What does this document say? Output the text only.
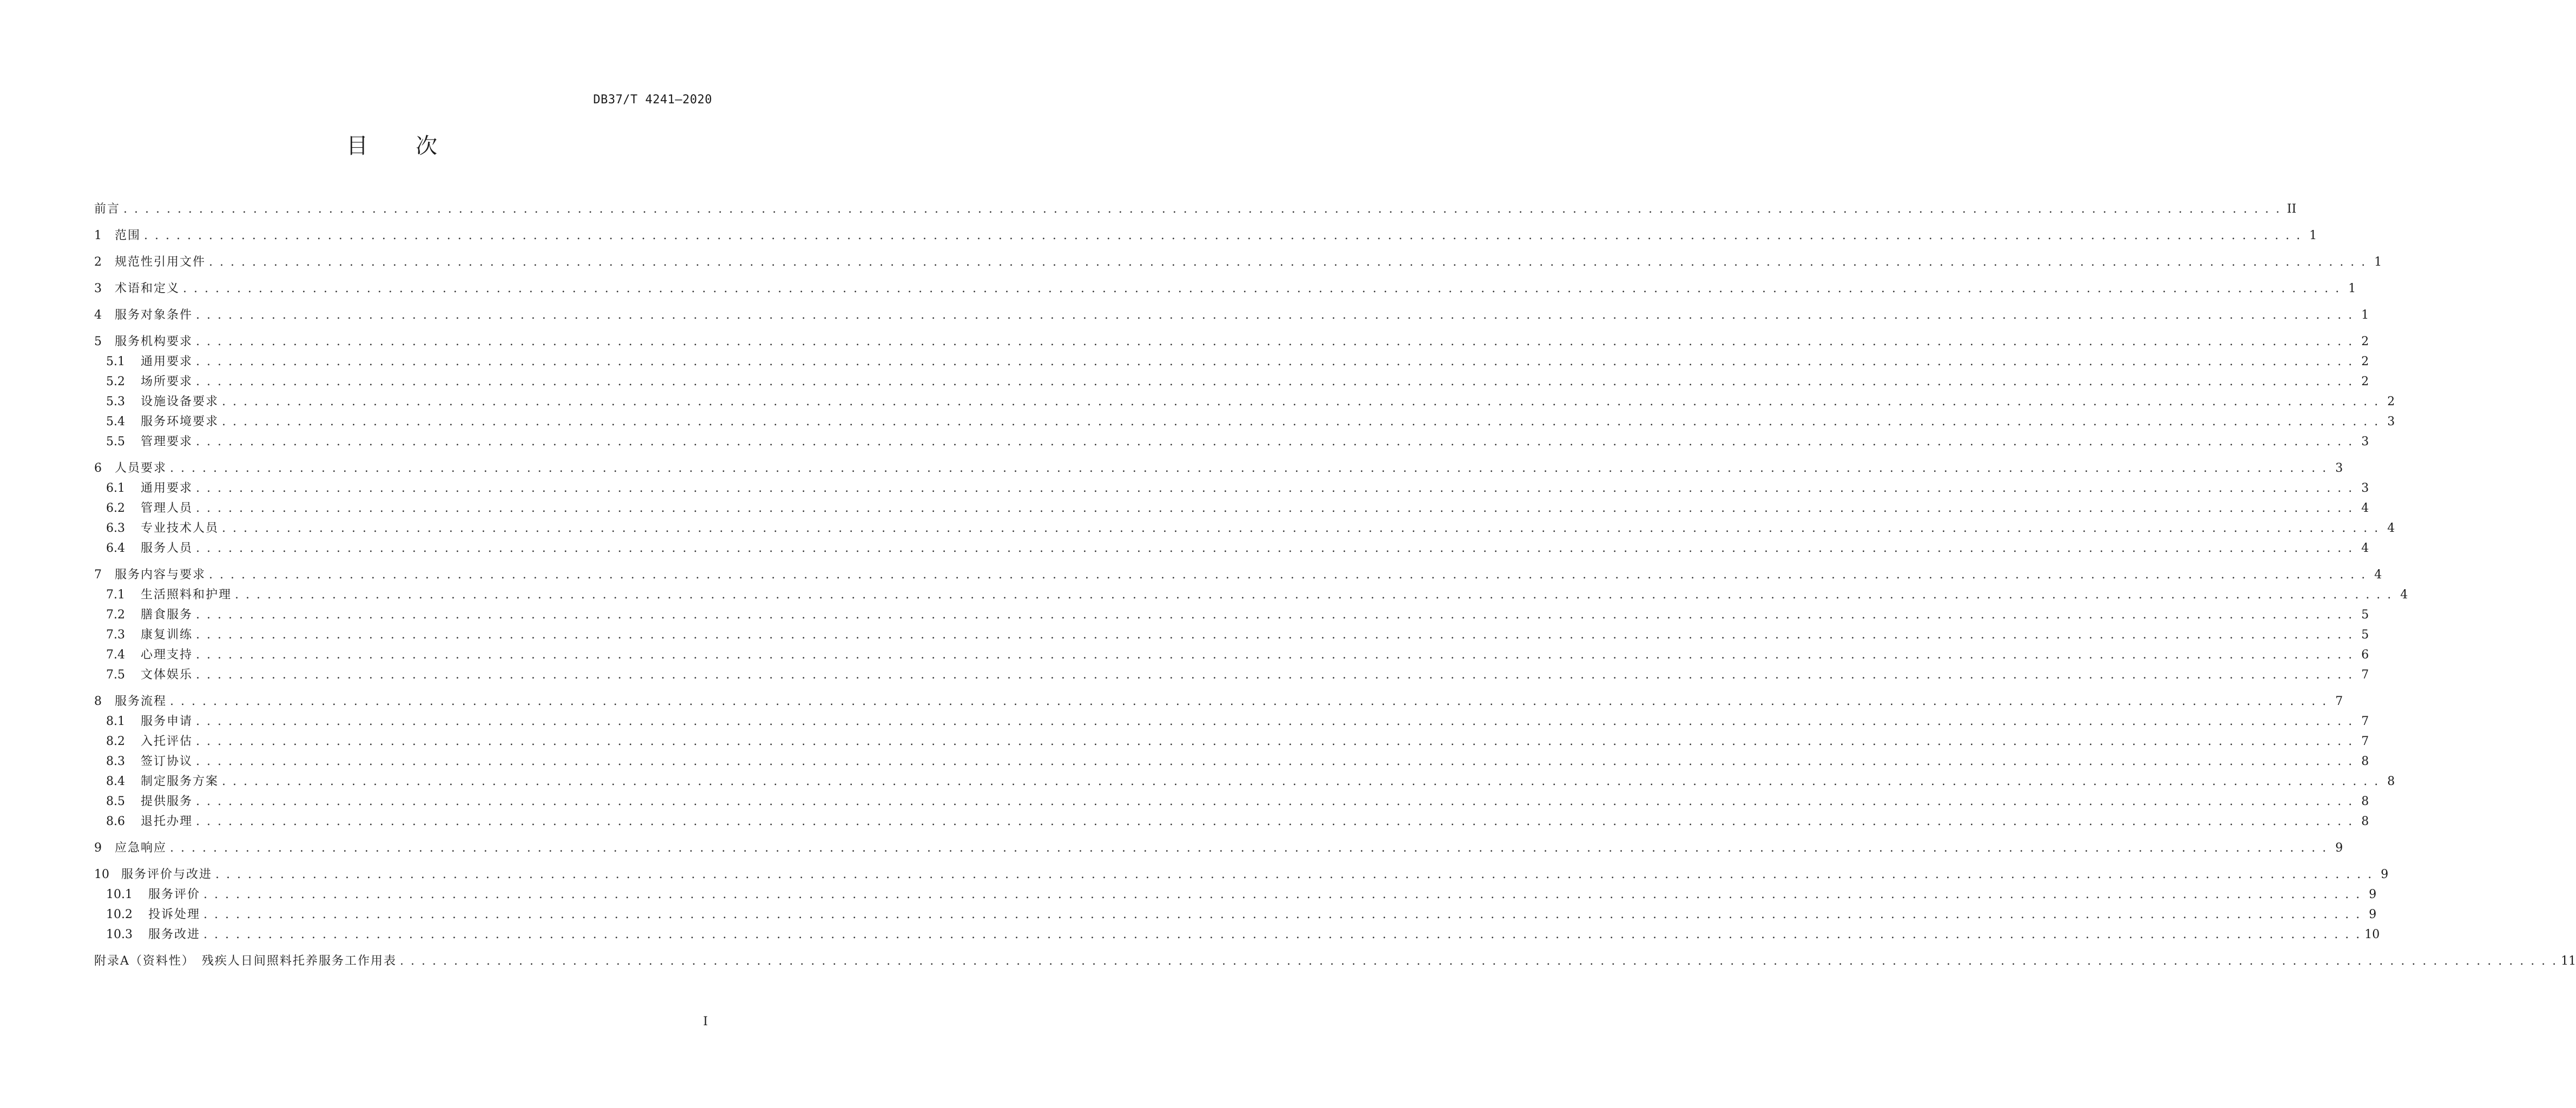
DB37/T 4241—2020
目 次
前言 . . . . . . . . . . . . . . . . . . . . . . . . . . . . . . . . . . . . . . . . . . . . . . . . . . . . . . . . . . . . . . . . . . . . . . . . . . . . . . . . . . . . . . . . . . . . . . . . . . . . . . . . . . . . . . . . . . . . . . . . . . . . . . . . . . . . . . . . . . . . . . . . . . . . . . . . . . . . . . . . . . . . . . . . . . . . . . . . . . . . . . . . . . . . . . . . . . . . . . . . II
1	范围 . . . . . . . . . . . . . . . . . . . . . . . . . . . . . . . . . . . . . . . . . . . . . . . . . . . . . . . . . . . . . . . . . . . . . . . . . . . . . . . . . . . . . . . . . . . . . . . . . . . . . . . . . . . . . . . . . . . . . . . . . . . . . . . . . . . . . . . . . . . . . . . . . . . . . . . . . . . . . . . . . . . . . . . . . . . . . . . . . . . . . . . . . . . . . . . . . . . . . . . . 1
2	规范性引用文件 . . . . . . . . . . . . . . . . . . . . . . . . . . . . . . . . . . . . . . . . . . . . . . . . . . . . . . . . . . . . . . . . . . . . . . . . . . . . . . . . . . . . . . . . . . . . . . . . . . . . . . . . . . . . . . . . . . . . . . . . . . . . . . . . . . . . . . . . . . . . . . . . . . . . . . . . . . . . . . . . . . . . . . . . . . . . . . . . . . . . . . . . . . . . . . . . . . . . . . . . 1
3	术语和定义 . . . . . . . . . . . . . . . . . . . . . . . . . . . . . . . . . . . . . . . . . . . . . . . . . . . . . . . . . . . . . . . . . . . . . . . . . . . . . . . . . . . . . . . . . . . . . . . . . . . . . . . . . . . . . . . . . . . . . . . . . . . . . . . . . . . . . . . . . . . . . . . . . . . . . . . . . . . . . . . . . . . . . . . . . . . . . . . . . . . . . . . . . . . . . . . . . . . . . . . . 1
4	服务对象条件 . . . . . . . . . . . . . . . . . . . . . . . . . . . . . . . . . . . . . . . . . . . . . . . . . . . . . . . . . . . . . . . . . . . . . . . . . . . . . . . . . . . . . . . . . . . . . . . . . . . . . . . . . . . . . . . . . . . . . . . . . . . . . . . . . . . . . . . . . . . . . . . . . . . . . . . . . . . . . . . . . . . . . . . . . . . . . . . . . . . . . . . . . . . . . . . . . . . . . . . . 1
5	服务机构要求 . . . . . . . . . . . . . . . . . . . . . . . . . . . . . . . . . . . . . . . . . . . . . . . . . . . . . . . . . . . . . . . . . . . . . . . . . . . . . . . . . . . . . . . . . . . . . . . . . . . . . . . . . . . . . . . . . . . . . . . . . . . . . . . . . . . . . . . . . . . . . . . . . . . . . . . . . . . . . . . . . . . . . . . . . . . . . . . . . . . . . . . . . . . . . . . . . . . . . . . . 2
5.1	通用要求 . . . . . . . . . . . . . . . . . . . . . . . . . . . . . . . . . . . . . . . . . . . . . . . . . . . . . . . . . . . . . . . . . . . . . . . . . . . . . . . . . . . . . . . . . . . . . . . . . . . . . . . . . . . . . . . . . . . . . . . . . . . . . . . . . . . . . . . . . . . . . . . . . . . . . . . . . . . . . . . . . . . . . . . . . . . . . . . . . . . . . . . . . . . . . . . . . . . . . . . . 2
5.2	场所要求 . . . . . . . . . . . . . . . . . . . . . . . . . . . . . . . . . . . . . . . . . . . . . . . . . . . . . . . . . . . . . . . . . . . . . . . . . . . . . . . . . . . . . . . . . . . . . . . . . . . . . . . . . . . . . . . . . . . . . . . . . . . . . . . . . . . . . . . . . . . . . . . . . . . . . . . . . . . . . . . . . . . . . . . . . . . . . . . . . . . . . . . . . . . . . . . . . . . . . . . . 2
5.3	设施设备要求 . . . . . . . . . . . . . . . . . . . . . . . . . . . . . . . . . . . . . . . . . . . . . . . . . . . . . . . . . . . . . . . . . . . . . . . . . . . . . . . . . . . . . . . . . . . . . . . . . . . . . . . . . . . . . . . . . . . . . . . . . . . . . . . . . . . . . . . . . . . . . . . . . . . . . . . . . . . . . . . . . . . . . . . . . . . . . . . . . . . . . . . . . . . . . . . . . . . . . . . . 2
5.4	服务环境要求 . . . . . . . . . . . . . . . . . . . . . . . . . . . . . . . . . . . . . . . . . . . . . . . . . . . . . . . . . . . . . . . . . . . . . . . . . . . . . . . . . . . . . . . . . . . . . . . . . . . . . . . . . . . . . . . . . . . . . . . . . . . . . . . . . . . . . . . . . . . . . . . . . . . . . . . . . . . . . . . . . . . . . . . . . . . . . . . . . . . . . . . . . . . . . . . . . . . . . . . . 3
5.5	管理要求 . . . . . . . . . . . . . . . . . . . . . . . . . . . . . . . . . . . . . . . . . . . . . . . . . . . . . . . . . . . . . . . . . . . . . . . . . . . . . . . . . . . . . . . . . . . . . . . . . . . . . . . . . . . . . . . . . . . . . . . . . . . . . . . . . . . . . . . . . . . . . . . . . . . . . . . . . . . . . . . . . . . . . . . . . . . . . . . . . . . . . . . . . . . . . . . . . . . . . . . . 3
6	人员要求 . . . . . . . . . . . . . . . . . . . . . . . . . . . . . . . . . . . . . . . . . . . . . . . . . . . . . . . . . . . . . . . . . . . . . . . . . . . . . . . . . . . . . . . . . . . . . . . . . . . . . . . . . . . . . . . . . . . . . . . . . . . . . . . . . . . . . . . . . . . . . . . . . . . . . . . . . . . . . . . . . . . . . . . . . . . . . . . . . . . . . . . . . . . . . . . . . . . . . . . . 3
6.1	通用要求 . . . . . . . . . . . . . . . . . . . . . . . . . . . . . . . . . . . . . . . . . . . . . . . . . . . . . . . . . . . . . . . . . . . . . . . . . . . . . . . . . . . . . . . . . . . . . . . . . . . . . . . . . . . . . . . . . . . . . . . . . . . . . . . . . . . . . . . . . . . . . . . . . . . . . . . . . . . . . . . . . . . . . . . . . . . . . . . . . . . . . . . . . . . . . . . . . . . . . . . . 3
6.2	管理人员 . . . . . . . . . . . . . . . . . . . . . . . . . . . . . . . . . . . . . . . . . . . . . . . . . . . . . . . . . . . . . . . . . . . . . . . . . . . . . . . . . . . . . . . . . . . . . . . . . . . . . . . . . . . . . . . . . . . . . . . . . . . . . . . . . . . . . . . . . . . . . . . . . . . . . . . . . . . . . . . . . . . . . . . . . . . . . . . . . . . . . . . . . . . . . . . . . . . . . . . . 4
6.3	专业技术人员 . . . . . . . . . . . . . . . . . . . . . . . . . . . . . . . . . . . . . . . . . . . . . . . . . . . . . . . . . . . . . . . . . . . . . . . . . . . . . . . . . . . . . . . . . . . . . . . . . . . . . . . . . . . . . . . . . . . . . . . . . . . . . . . . . . . . . . . . . . . . . . . . . . . . . . . . . . . . . . . . . . . . . . . . . . . . . . . . . . . . . . . . . . . . . . . . . . . . . . . . 4
6.4	服务人员 . . . . . . . . . . . . . . . . . . . . . . . . . . . . . . . . . . . . . . . . . . . . . . . . . . . . . . . . . . . . . . . . . . . . . . . . . . . . . . . . . . . . . . . . . . . . . . . . . . . . . . . . . . . . . . . . . . . . . . . . . . . . . . . . . . . . . . . . . . . . . . . . . . . . . . . . . . . . . . . . . . . . . . . . . . . . . . . . . . . . . . . . . . . . . . . . . . . . . . . . 4
7	服务内容与要求 . . . . . . . . . . . . . . . . . . . . . . . . . . . . . . . . . . . . . . . . . . . . . . . . . . . . . . . . . . . . . . . . . . . . . . . . . . . . . . . . . . . . . . . . . . . . . . . . . . . . . . . . . . . . . . . . . . . . . . . . . . . . . . . . . . . . . . . . . . . . . . . . . . . . . . . . . . . . . . . . . . . . . . . . . . . . . . . . . . . . . . . . . . . . . . . . . . . . . . . . 4
7.1	生活照料和护理 . . . . . . . . . . . . . . . . . . . . . . . . . . . . . . . . . . . . . . . . . . . . . . . . . . . . . . . . . . . . . . . . . . . . . . . . . . . . . . . . . . . . . . . . . . . . . . . . . . . . . . . . . . . . . . . . . . . . . . . . . . . . . . . . . . . . . . . . . . . . . . . . . . . . . . . . . . . . . . . . . . . . . . . . . . . . . . . . . . . . . . . . . . . . . . . . . . . . . . . . 4
7.2	膳食服务 . . . . . . . . . . . . . . . . . . . . . . . . . . . . . . . . . . . . . . . . . . . . . . . . . . . . . . . . . . . . . . . . . . . . . . . . . . . . . . . . . . . . . . . . . . . . . . . . . . . . . . . . . . . . . . . . . . . . . . . . . . . . . . . . . . . . . . . . . . . . . . . . . . . . . . . . . . . . . . . . . . . . . . . . . . . . . . . . . . . . . . . . . . . . . . . . . . . . . . . . 5
7.3	康复训练 . . . . . . . . . . . . . . . . . . . . . . . . . . . . . . . . . . . . . . . . . . . . . . . . . . . . . . . . . . . . . . . . . . . . . . . . . . . . . . . . . . . . . . . . . . . . . . . . . . . . . . . . . . . . . . . . . . . . . . . . . . . . . . . . . . . . . . . . . . . . . . . . . . . . . . . . . . . . . . . . . . . . . . . . . . . . . . . . . . . . . . . . . . . . . . . . . . . . . . . . 5
7.4	心理支持 . . . . . . . . . . . . . . . . . . . . . . . . . . . . . . . . . . . . . . . . . . . . . . . . . . . . . . . . . . . . . . . . . . . . . . . . . . . . . . . . . . . . . . . . . . . . . . . . . . . . . . . . . . . . . . . . . . . . . . . . . . . . . . . . . . . . . . . . . . . . . . . . . . . . . . . . . . . . . . . . . . . . . . . . . . . . . . . . . . . . . . . . . . . . . . . . . . . . . . . . 6
7.5	文体娱乐 . . . . . . . . . . . . . . . . . . . . . . . . . . . . . . . . . . . . . . . . . . . . . . . . . . . . . . . . . . . . . . . . . . . . . . . . . . . . . . . . . . . . . . . . . . . . . . . . . . . . . . . . . . . . . . . . . . . . . . . . . . . . . . . . . . . . . . . . . . . . . . . . . . . . . . . . . . . . . . . . . . . . . . . . . . . . . . . . . . . . . . . . . . . . . . . . . . . . . . . . 7
8	服务流程 . . . . . . . . . . . . . . . . . . . . . . . . . . . . . . . . . . . . . . . . . . . . . . . . . . . . . . . . . . . . . . . . . . . . . . . . . . . . . . . . . . . . . . . . . . . . . . . . . . . . . . . . . . . . . . . . . . . . . . . . . . . . . . . . . . . . . . . . . . . . . . . . . . . . . . . . . . . . . . . . . . . . . . . . . . . . . . . . . . . . . . . . . . . . . . . . . . . . . . . . 7
8.1	服务申请 . . . . . . . . . . . . . . . . . . . . . . . . . . . . . . . . . . . . . . . . . . . . . . . . . . . . . . . . . . . . . . . . . . . . . . . . . . . . . . . . . . . . . . . . . . . . . . . . . . . . . . . . . . . . . . . . . . . . . . . . . . . . . . . . . . . . . . . . . . . . . . . . . . . . . . . . . . . . . . . . . . . . . . . . . . . . . . . . . . . . . . . . . . . . . . . . . . . . . . . . 7
8.2	入托评估 . . . . . . . . . . . . . . . . . . . . . . . . . . . . . . . . . . . . . . . . . . . . . . . . . . . . . . . . . . . . . . . . . . . . . . . . . . . . . . . . . . . . . . . . . . . . . . . . . . . . . . . . . . . . . . . . . . . . . . . . . . . . . . . . . . . . . . . . . . . . . . . . . . . . . . . . . . . . . . . . . . . . . . . . . . . . . . . . . . . . . . . . . . . . . . . . . . . . . . . . 7
8.3	签订协议 . . . . . . . . . . . . . . . . . . . . . . . . . . . . . . . . . . . . . . . . . . . . . . . . . . . . . . . . . . . . . . . . . . . . . . . . . . . . . . . . . . . . . . . . . . . . . . . . . . . . . . . . . . . . . . . . . . . . . . . . . . . . . . . . . . . . . . . . . . . . . . . . . . . . . . . . . . . . . . . . . . . . . . . . . . . . . . . . . . . . . . . . . . . . . . . . . . . . . . . . 8
8.4	制定服务方案 . . . . . . . . . . . . . . . . . . . . . . . . . . . . . . . . . . . . . . . . . . . . . . . . . . . . . . . . . . . . . . . . . . . . . . . . . . . . . . . . . . . . . . . . . . . . . . . . . . . . . . . . . . . . . . . . . . . . . . . . . . . . . . . . . . . . . . . . . . . . . . . . . . . . . . . . . . . . . . . . . . . . . . . . . . . . . . . . . . . . . . . . . . . . . . . . . . . . . . . . 8
8.5	提供服务 . . . . . . . . . . . . . . . . . . . . . . . . . . . . . . . . . . . . . . . . . . . . . . . . . . . . . . . . . . . . . . . . . . . . . . . . . . . . . . . . . . . . . . . . . . . . . . . . . . . . . . . . . . . . . . . . . . . . . . . . . . . . . . . . . . . . . . . . . . . . . . . . . . . . . . . . . . . . . . . . . . . . . . . . . . . . . . . . . . . . . . . . . . . . . . . . . . . . . . . . 8
8.6	退托办理 . . . . . . . . . . . . . . . . . . . . . . . . . . . . . . . . . . . . . . . . . . . . . . . . . . . . . . . . . . . . . . . . . . . . . . . . . . . . . . . . . . . . . . . . . . . . . . . . . . . . . . . . . . . . . . . . . . . . . . . . . . . . . . . . . . . . . . . . . . . . . . . . . . . . . . . . . . . . . . . . . . . . . . . . . . . . . . . . . . . . . . . . . . . . . . . . . . . . . . . . 8
9	应急响应 . . . . . . . . . . . . . . . . . . . . . . . . . . . . . . . . . . . . . . . . . . . . . . . . . . . . . . . . . . . . . . . . . . . . . . . . . . . . . . . . . . . . . . . . . . . . . . . . . . . . . . . . . . . . . . . . . . . . . . . . . . . . . . . . . . . . . . . . . . . . . . . . . . . . . . . . . . . . . . . . . . . . . . . . . . . . . . . . . . . . . . . . . . . . . . . . . . . . . . . . 9
10	服务评价与改进 . . . . . . . . . . . . . . . . . . . . . . . . . . . . . . . . . . . . . . . . . . . . . . . . . . . . . . . . . . . . . . . . . . . . . . . . . . . . . . . . . . . . . . . . . . . . . . . . . . . . . . . . . . . . . . . . . . . . . . . . . . . . . . . . . . . . . . . . . . . . . . . . . . . . . . . . . . . . . . . . . . . . . . . . . . . . . . . . . . . . . . . . . . . . . . . . . . . . . . . . 9
10.1	服务评价 . . . . . . . . . . . . . . . . . . . . . . . . . . . . . . . . . . . . . . . . . . . . . . . . . . . . . . . . . . . . . . . . . . . . . . . . . . . . . . . . . . . . . . . . . . . . . . . . . . . . . . . . . . . . . . . . . . . . . . . . . . . . . . . . . . . . . . . . . . . . . . . . . . . . . . . . . . . . . . . . . . . . . . . . . . . . . . . . . . . . . . . . . . . . . . . . . . . . . . . . 9
10.2	投诉处理 . . . . . . . . . . . . . . . . . . . . . . . . . . . . . . . . . . . . . . . . . . . . . . . . . . . . . . . . . . . . . . . . . . . . . . . . . . . . . . . . . . . . . . . . . . . . . . . . . . . . . . . . . . . . . . . . . . . . . . . . . . . . . . . . . . . . . . . . . . . . . . . . . . . . . . . . . . . . . . . . . . . . . . . . . . . . . . . . . . . . . . . . . . . . . . . . . . . . . . . . 9
10.3	服务改进 . . . . . . . . . . . . . . . . . . . . . . . . . . . . . . . . . . . . . . . . . . . . . . . . . . . . . . . . . . . . . . . . . . . . . . . . . . . . . . . . . . . . . . . . . . . . . . . . . . . . . . . . . . . . . . . . . . . . . . . . . . . . . . . . . . . . . . . . . . . . . . . . . . . . . . . . . . . . . . . . . . . . . . . . . . . . . . . . . . . . . . . . . . . . . . . . . . . . . . . . 10
附录A（资料性）　残疾人日间照料托养服务工作用表 . . . . . . . . . . . . . . . . . . . . . . . . . . . . . . . . . . . . . . . . . . . . . . . . . . . . . . . . . . . . . . . . . . . . . . . . . . . . . . . . . . . . . . . . . . . . . . . . . . . . . . . . . . . . . . . . . . . . . . . . . . . . . . . . . . . . . . . . . . . . . . . . . . . . . . . . . . . . . . . . . . . . . . . . . . . . . . . . . . . . . . . . . . . . . . . . . . . . . . . . 11
I
